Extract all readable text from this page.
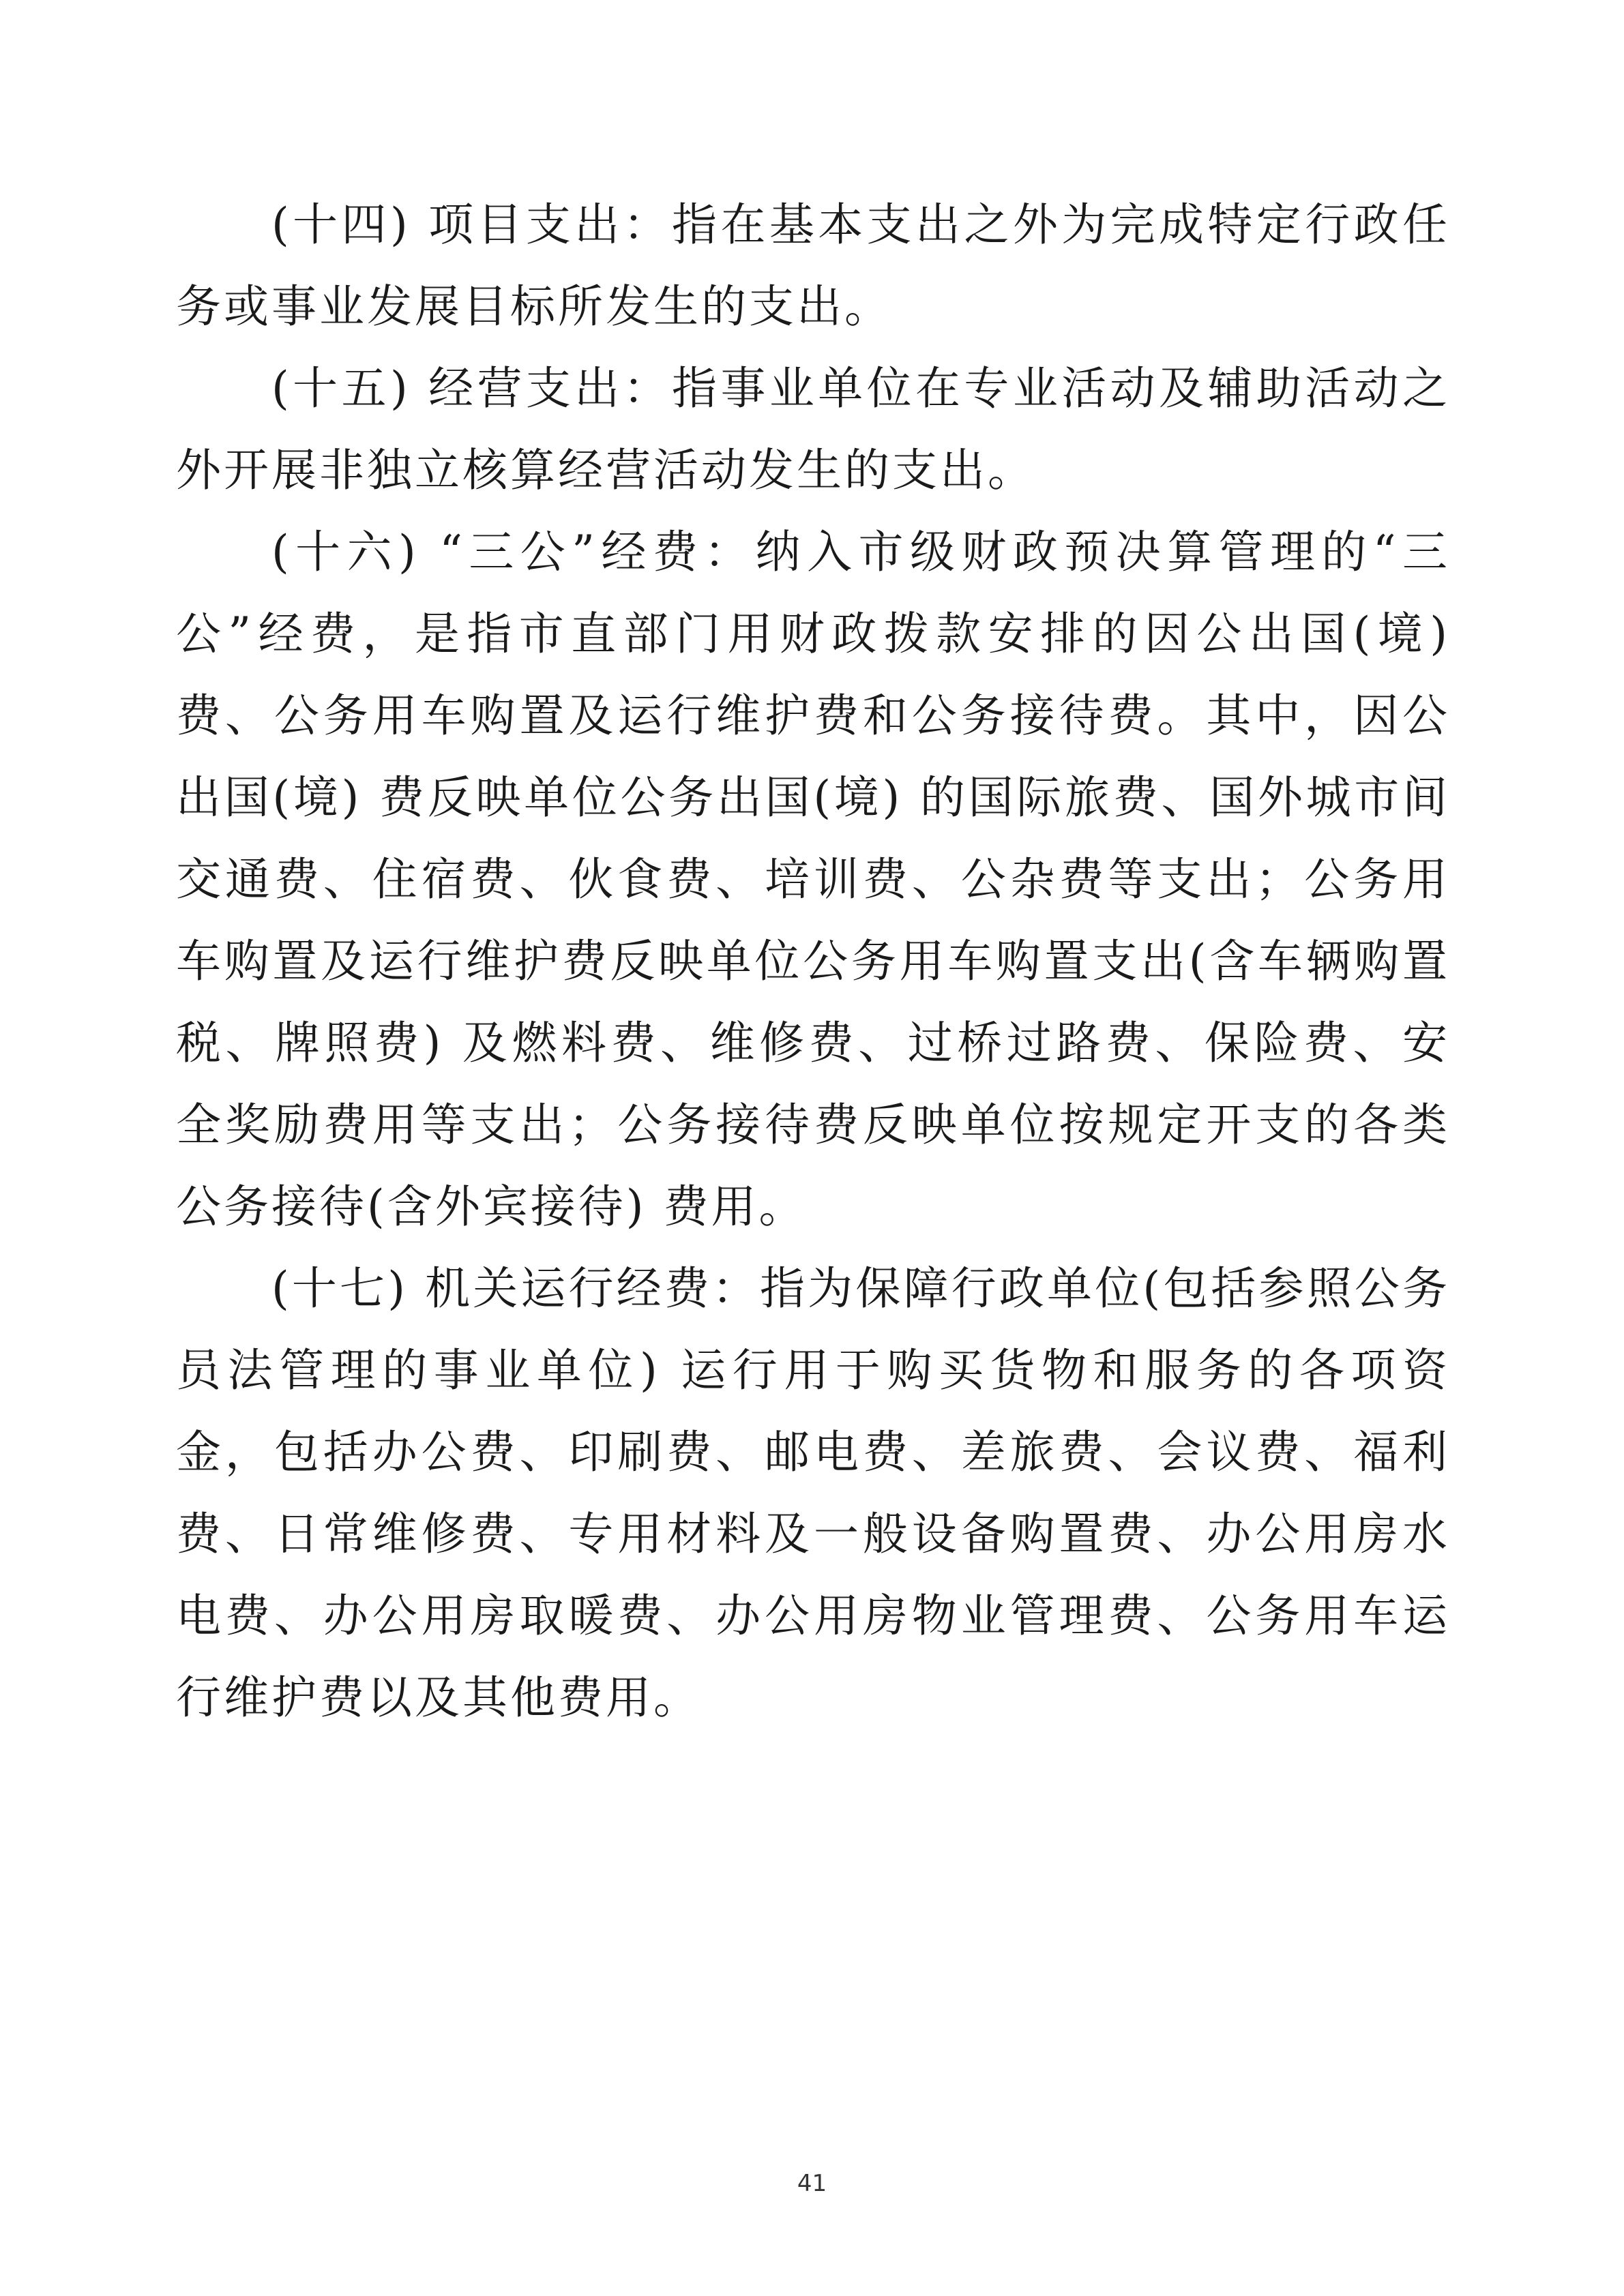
(十四) 项目支出：指在基本支出之外为完成特定行政任务或事业发展目标所发生的支出。

(十五) 经营支出：指事业单位在专业活动及辅助活动之外开展非独立核算经营活动发生的支出。

(十六) “三公”经费：纳入市级财政预决算管理的“三公”经费，是指市直部门用财政拨款安排的因公出国(境) 费、公务用车购置及运行维护费和公务接待费。其中，因公出国(境) 费反映单位公务出国(境) 的国际旅费、国外城市间交通费、住宿费、伙食费、培训费、公杂费等支出；公务用车购置及运行维护费反映单位公务用车购置支出(含车辆购置税、牌照费) 及燃料费、维修费、过桥过路费、保险费、安全奖励费用等支出；公务接待费反映单位按规定开支的各类公务接待(含外宾接待) 费用。

(十七) 机关运行经费：指为保障行政单位(包括参照公务员法管理的事业单位) 运行用于购买货物和服务的各项资金，包括办公费、印刷费、邮电费、差旅费、会议费、福利费、日常维修费、专用材料及一般设备购置费、办公用房水电费、办公用房取暖费、办公用房物业管理费、公务用车运行维护费以及其他费用。

41
